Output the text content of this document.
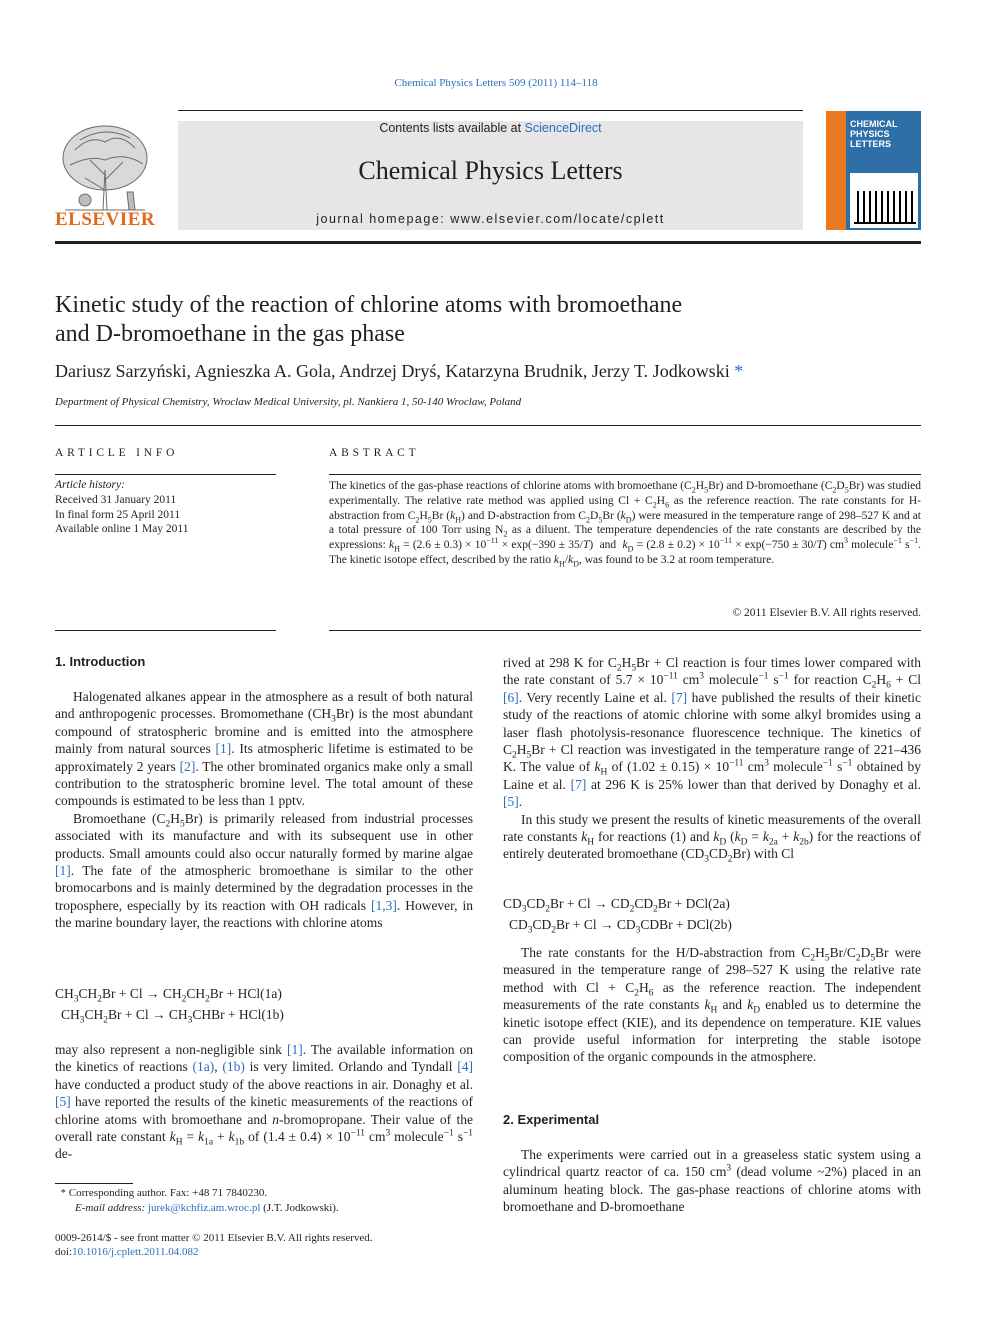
Chemical Physics Letters 509 (2011) 114–118
ELSEVIER
Contents lists available at ScienceDirect
Chemical Physics Letters
journal homepage: www.elsevier.com/locate/cplett
CHEMICAL PHYSICS LETTERS
Kinetic study of the reaction of chlorine atoms with bromoethane
and D-bromoethane in the gas phase
Dariusz Sarzyński, Agnieszka A. Gola, Andrzej Dryś, Katarzyna Brudnik, Jerzy T. Jodkowski *
Department of Physical Chemistry, Wroclaw Medical University, pl. Nankiera 1, 50-140 Wroclaw, Poland
ARTICLE INFO
Article history:
Received 31 January 2011
In final form 25 April 2011
Available online 1 May 2011
ABSTRACT
The kinetics of the gas-phase reactions of chlorine atoms with bromoethane $(C_2H_5Br)$ and D-bromoethane $(C_2D_5Br)$ was studied experimentally. The relative rate method was applied using $Cl + C_2H_6$ as the reference reaction. The rate constants for H-abstraction from $C_2H_5Br$ $(k_H)$ and D-abstraction from $C_2D_5Br$ $(k_D)$ were measured in the temperature range of 298–527 K and at a total pressure of 100 Torr using $N_2$ as a diluent. The temperature dependencies of the rate constants are described by the expressions: $k_H = (2.6 \pm 0.3) \times 10^{-11} \times \exp(-390 \pm 35/T)$  and  $k_D = (2.8 \pm 0.2) \times 10^{-11} \times \exp(-750 \pm 30/T)$ $cm^3$ molecule$^{-1}$ $s^{-1}$. The kinetic isotope effect, described by the ratio $k_H/k_D$, was found to be 3.2 at room temperature.
© 2011 Elsevier B.V. All rights reserved.
1. Introduction

Halogenated alkanes appear in the atmosphere as a result of both natural and anthropogenic processes. Bromomethane $(CH_3Br)$ is the most abundant compound of stratospheric bromine and is emitted into the atmosphere mainly from natural sources [1]. Its atmospheric lifetime is estimated to be approximately 2 years [2]. The other brominated organics make only a small contribution to the stratospheric bromine level. The total amount of these compounds is estimated to be less than 1 pptv.

Bromoethane $(C_2H_5Br)$ is primarily released from industrial processes associated with its manufacture and with its subsequent use in other products. Small amounts could also occur naturally formed by marine algae [1]. The fate of the atmospheric bromoethane is similar to the other bromocarbons and is mainly determined by the degradation processes in the troposphere, especially by its reaction with OH radicals [1,3]. However, in the marine boundary layer, the reactions with chlorine atoms

$CH_3CH_2Br + Cl \to CH_2CH_2Br + HCl(1a)$
$CH_3CH_2Br + Cl$ → $CH_3CHBr + HCl(1b)$
may also represent a non-negligible sink [1]. The available information on the kinetics of reactions (1a), (1b) is very limited. Orlando and Tyndall [4] have conducted a product study of the above reactions in air. Donaghy et al. [5] have reported the results of the kinetic measurements of the reactions of chlorine atoms with bromoethane and n-bromopropane. Their value of the overall rate constant $k_H = k_{1a} + k_{1b}$ of $(1.4 \pm 0.4) \times 10^{-11}$ $cm^3$ molecule$^{-1}$ $s^{-1}$ de-
* Corresponding author. Fax: +48 71 7840230.
E-mail address: jurek@kchfiz.am.wroc.pl (J.T. Jodkowski).
0009-2614/$ - see front matter © 2011 Elsevier B.V. All rights reserved.
doi:10.1016/j.cplett.2011.04.082

rived at 298 K for $C_2H_5Br + Cl$ reaction is four times lower compared with the rate constant of $5.7 \times 10^{-11}$ $cm^3$ molecule$^{-1}$ $s^{-1}$ for reaction $C_2H_6 + Cl$ [6]. Very recently Laine et al. [7] have published the results of their kinetic study of the reactions of atomic chlorine with some alkyl bromides using a laser flash photolysis-resonance fluorescence technique. The kinetics of $C_2H_5Br + Cl$ reaction was investigated in the temperature range of 221–436 K. The value of $k_H$ of $(1.02 \pm 0.15) \times 10^{-11}$ $cm^3$ molecule$^{-1}$ $s^{-1}$ obtained by Laine et al. [7] at 296 K is 25% lower than that derived by Donaghy et al. [5].

In this study we present the results of kinetic measurements of the overall rate constants $k_H$ for reactions (1) and $k_D$ $(k_D = k_{2a} + k_{2b})$ for the reactions of entirely deuterated bromoethane $(CD_3CD_2Br)$ with Cl

$CD_3CD_2Br + Cl \to CD_2CD_2Br + DCl(2a)$
$CD_3CD_2Br + Cl$ → $CD_3CDBr + DCl(2b)$

The rate constants for the H/D-abstraction from $C_2H_5Br/C_2D_5Br$ were measured in the temperature range of 298–527 K using the relative rate method with $Cl + C_2H_6$ as the reference reaction. The independent measurements of the rate constants $k_H$ and $k_D$ enabled us to determine the kinetic isotope effect (KIE), and its dependence on temperature. KIE values can provide useful information for interpreting the stable isotope composition of the organic compounds in the atmosphere.

2. Experimental

The experiments were carried out in a greaseless static system using a cylindrical quartz reactor of ca. 150 $cm^3$ (dead volume ~2%) placed in an aluminum heating block. The gas-phase reactions of chlorine atoms with bromoethane and D-bromoethane
